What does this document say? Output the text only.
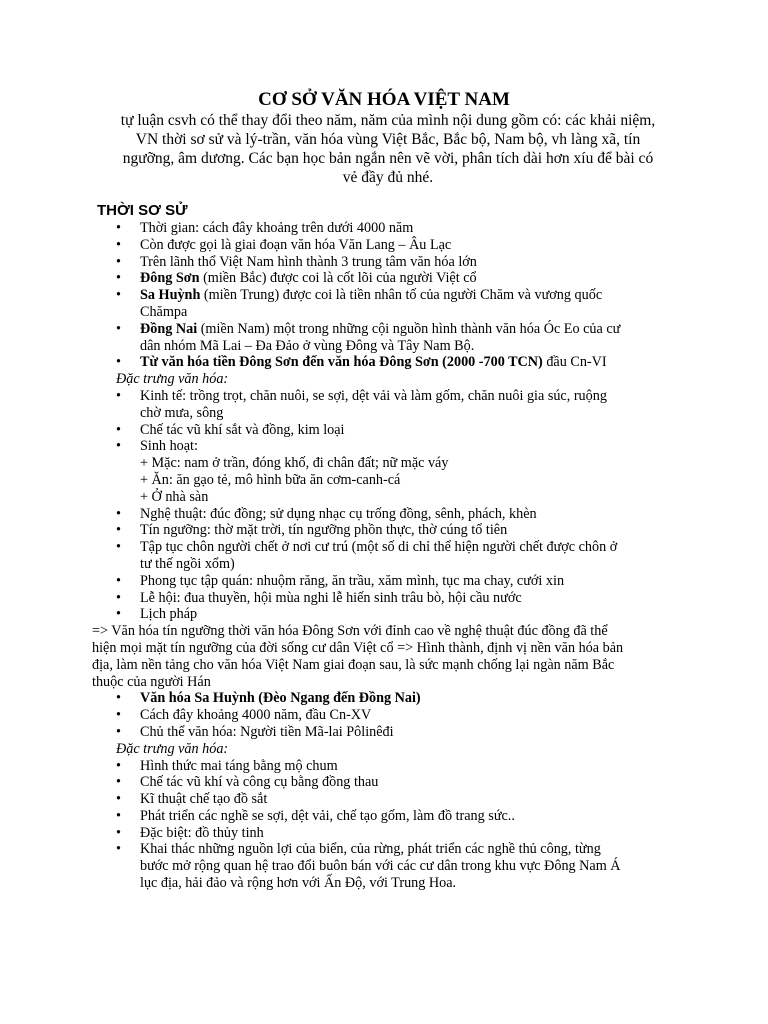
CƠ SỞ VĂN HÓA VIỆT NAM
tự luận csvh có thể thay đổi theo năm, năm của mình nội dung gồm có: các khải niệm,
VN thời sơ sử và lý-trần, văn hóa vùng Việt Bắc, Bắc bộ, Nam bộ, vh làng xã, tín
ngưỡng, âm dương. Các bạn học bản ngắn nên vẽ vời, phân tích dài hơn xíu để bài có
vẻ đầy đủ nhé.
THỜI SƠ SỬ
• Thời gian: cách đây khoảng trên dưới 4000 năm
• Còn được gọi là giai đoạn văn hóa Văn Lang – Âu Lạc
• Trên lãnh thổ Việt Nam hình thành 3 trung tâm văn hóa lớn
• Đông Sơn (miền Bắc) được coi là cốt lõi của người Việt cổ
• Sa Huỳnh (miền Trung) được coi là tiền nhân tố của người Chăm và vương quốc
Chămpa
• Đồng Nai (miền Nam) một trong những cội nguồn hình thành văn hóa Óc Eo của cư
dân nhóm Mã Lai – Đa Đảo ở vùng Đông và Tây Nam Bộ.
• Từ văn hóa tiền Đông Sơn đến văn hóa Đông Sơn (2000 -700 TCN) đầu Cn-VI
Đặc trưng văn hóa:
• Kinh tế: trồng trọt, chăn nuôi, se sợi, dệt vải và làm gốm, chăn nuôi gia súc, ruộng
chờ mưa, sông
• Chế tác vũ khí sắt và đồng, kim loại
• Sinh hoạt:
+ Mặc: nam ở trần, đóng khố, đi chân đất; nữ mặc váy
+ Ăn: ăn gạo tẻ, mô hình bữa ăn cơm-canh-cá
+ Ở nhà sàn
• Nghệ thuật: đúc đồng; sử dụng nhạc cụ trống đồng, sênh, phách, khèn
• Tín ngưỡng: thờ mặt trời, tín ngưỡng phồn thực, thờ cúng tổ tiên
• Tập tục chôn người chết ở nơi cư trú (một số di chỉ thể hiện người chết được chôn ở
tư thế ngồi xổm)
• Phong tục tập quán: nhuộm răng, ăn trầu, xăm mình, tục ma chay, cưới xin
• Lễ hội: đua thuyền, hội mùa nghi lễ hiến sinh trâu bò, hội cầu nước
• Lịch pháp
=> Văn hóa tín ngưỡng thời văn hóa Đông Sơn với đỉnh cao về nghệ thuật đúc đồng đã thể
hiện mọi mặt tín ngưỡng của đời sống cư dân Việt cổ => Hình thành, định vị nền văn hóa bản
địa, làm nền tảng cho văn hóa Việt Nam giai đoạn sau, là sức mạnh chống lại ngàn năm Bắc
thuộc của người Hán
• Văn hóa Sa Huỳnh (Đèo Ngang đến Đồng Nai)
• Cách đây khoảng 4000 năm, đầu Cn-XV
• Chủ thể văn hóa: Người tiền Mã-lai Pôlinêđi
Đặc trưng văn hóa:
• Hình thức mai táng bằng mộ chum
• Chế tác vũ khí và công cụ bằng đồng thau
• Kĩ thuật chế tạo đồ sắt
• Phát triển các nghề se sợi, dệt vải, chế tạo gốm, làm đồ trang sức..
• Đặc biệt: đồ thủy tinh
• Khai thác những nguồn lợi của biển, của rừng, phát triển các nghề thủ công, từng
bước mở rộng quan hệ trao đổi buôn bán với các cư dân trong khu vực Đông Nam Á
lục địa, hải đảo và rộng hơn với Ấn Độ, với Trung Hoa.
